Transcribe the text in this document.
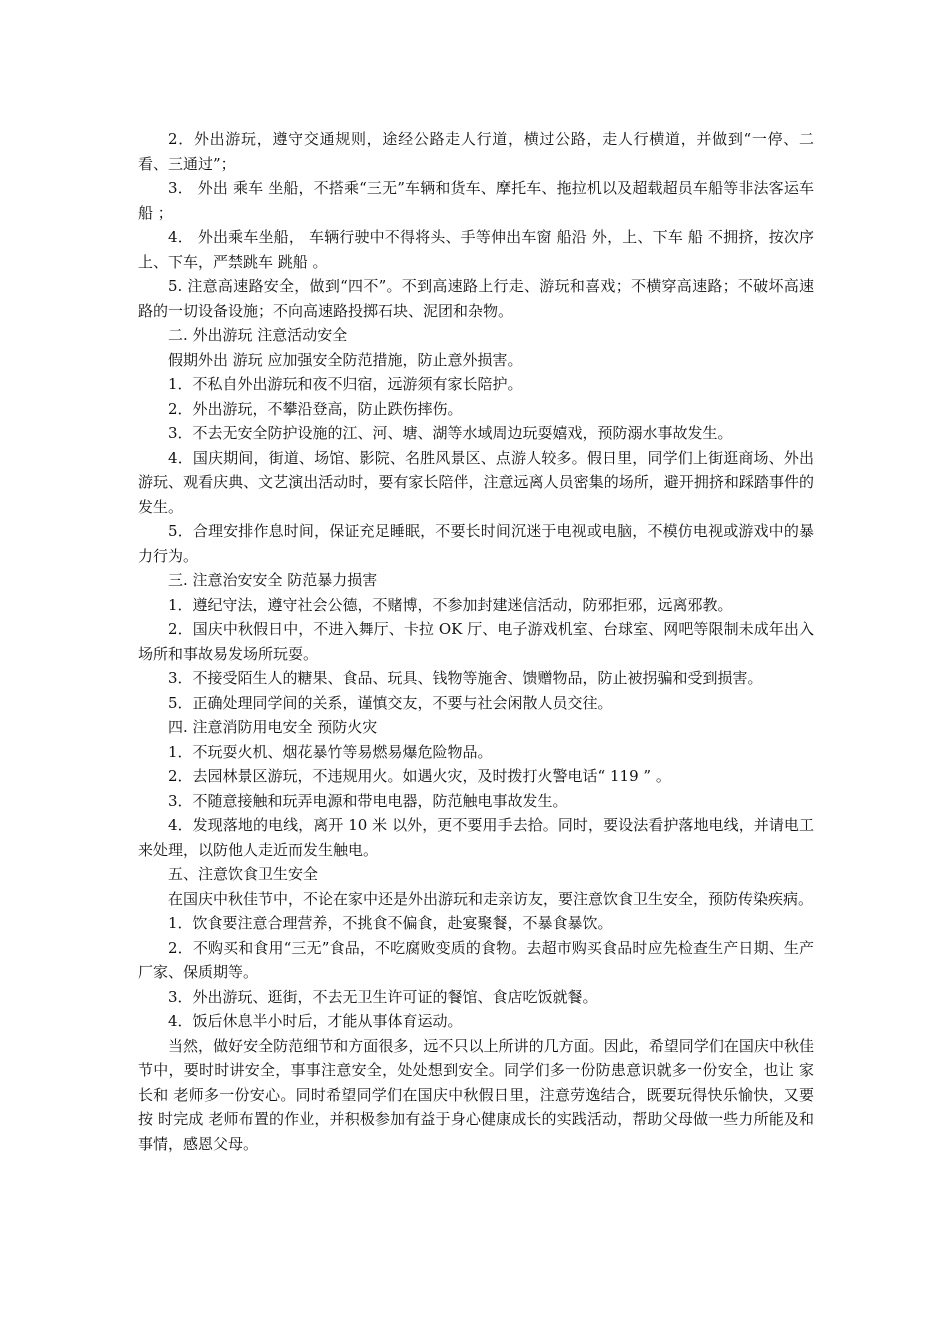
2．外出游玩，遵守交通规则，途经公路走人行道，横过公路，走人行横道，并做到“一停、二看、三通过”；

3． 外出 乘车 坐船，不搭乘“三无”车辆和货车、摩托车、拖拉机以及超载超员车船等非法客运车船 ；

4． 外出乘车坐船， 车辆行驶中不得将头、手等伸出车窗 船沿 外，上、下车 船 不拥挤，按次序上、下车，严禁跳车 跳船 。

5. 注意高速路安全，做到“四不”。不到高速路上行走、游玩和喜戏；不横穿高速路；不破坏高速路的一切设备设施；不向高速路投掷石块、泥团和杂物。

二. 外出游玩 注意活动安全

假期外出 游玩 应加强安全防范措施，防止意外损害。

1．不私自外出游玩和夜不归宿，远游须有家长陪护。

2．外出游玩，不攀沿登高，防止跌伤摔伤。

3．不去无安全防护设施的江、河、塘、湖等水域周边玩耍嬉戏，预防溺水事故发生。

4．国庆期间，街道、场馆、影院、名胜风景区、点游人较多。假日里，同学们上街逛商场、外出游玩、观看庆典、文艺演出活动时，要有家长陪伴，注意远离人员密集的场所，避开拥挤和踩踏事件的发生。

5．合理安排作息时间，保证充足睡眠，不要长时间沉迷于电视或电脑，不模仿电视或游戏中的暴力行为。

三. 注意治安安全 防范暴力损害

1．遵纪守法，遵守社会公德，不赌博，不参加封建迷信活动，防邪拒邪，远离邪教。

2．国庆中秋假日中，不进入舞厅、卡拉 OK 厅、电子游戏机室、台球室、网吧等限制未成年出入场所和事故易发场所玩耍。

3．不接受陌生人的糖果、食品、玩具、钱物等施舍、馈赠物品，防止被拐骗和受到损害。

5．正确处理同学间的关系，谨慎交友，不要与社会闲散人员交往。

四. 注意消防用电安全 预防火灾

1．不玩耍火机、烟花暴竹等易燃易爆危险物品。

2．去园林景区游玩，不违规用火。如遇火灾，及时拨打火警电话“ 119 ” 。

3．不随意接触和玩弄电源和带电电器，防范触电事故发生。

4．发现落地的电线，离开 10 米 以外，更不要用手去拾。同时，要设法看护落地电线，并请电工来处理，以防他人走近而发生触电。

五、注意饮食卫生安全

在国庆中秋佳节中，不论在家中还是外出游玩和走亲访友，要注意饮食卫生安全，预防传染疾病。

1．饮食要注意合理营养，不挑食不偏食，赴宴聚餐，不暴食暴饮。

2．不购买和食用“三无”食品，不吃腐败变质的食物。去超市购买食品时应先检查生产日期、生产厂家、保质期等。

3．外出游玩、逛街，不去无卫生许可证的餐馆、食店吃饭就餐。

4．饭后休息半小时后，才能从事体育运动。

当然，做好安全防范细节和方面很多，远不只以上所讲的几方面。因此，希望同学们在国庆中秋佳节中，要时时讲安全，事事注意安全，处处想到安全。同学们多一份防患意识就多一份安全，也让 家长和 老师多一份安心。同时希望同学们在国庆中秋假日里，注意劳逸结合，既要玩得快乐愉快，又要按 时完成 老师布置的作业，并积极参加有益于身心健康成长的实践活动，帮助父母做一些力所能及和事情，感恩父母。
